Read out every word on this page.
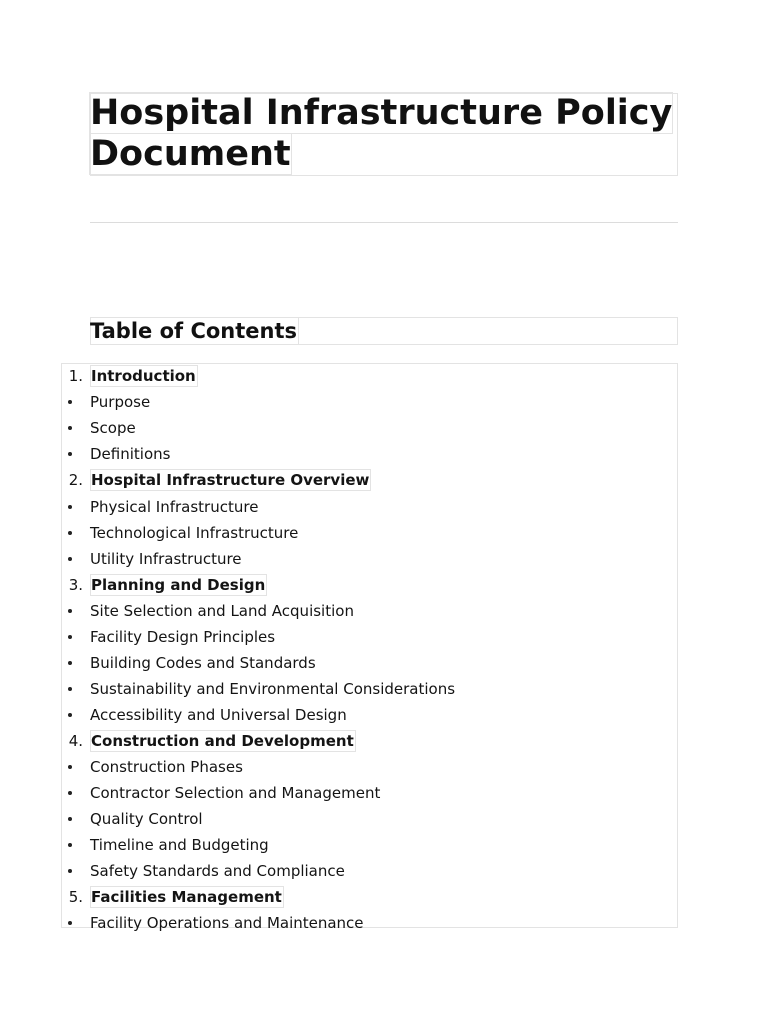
Hospital Infrastructure Policy
Document
Table of Contents
1. Introduction
Purpose
Scope
Definitions
2. Hospital Infrastructure Overview
Physical Infrastructure
Technological Infrastructure
Utility Infrastructure
3. Planning and Design
Site Selection and Land Acquisition
Facility Design Principles
Building Codes and Standards
Sustainability and Environmental Considerations
Accessibility and Universal Design
4. Construction and Development
Construction Phases
Contractor Selection and Management
Quality Control
Timeline and Budgeting
Safety Standards and Compliance
5. Facilities Management
Facility Operations and Maintenance
